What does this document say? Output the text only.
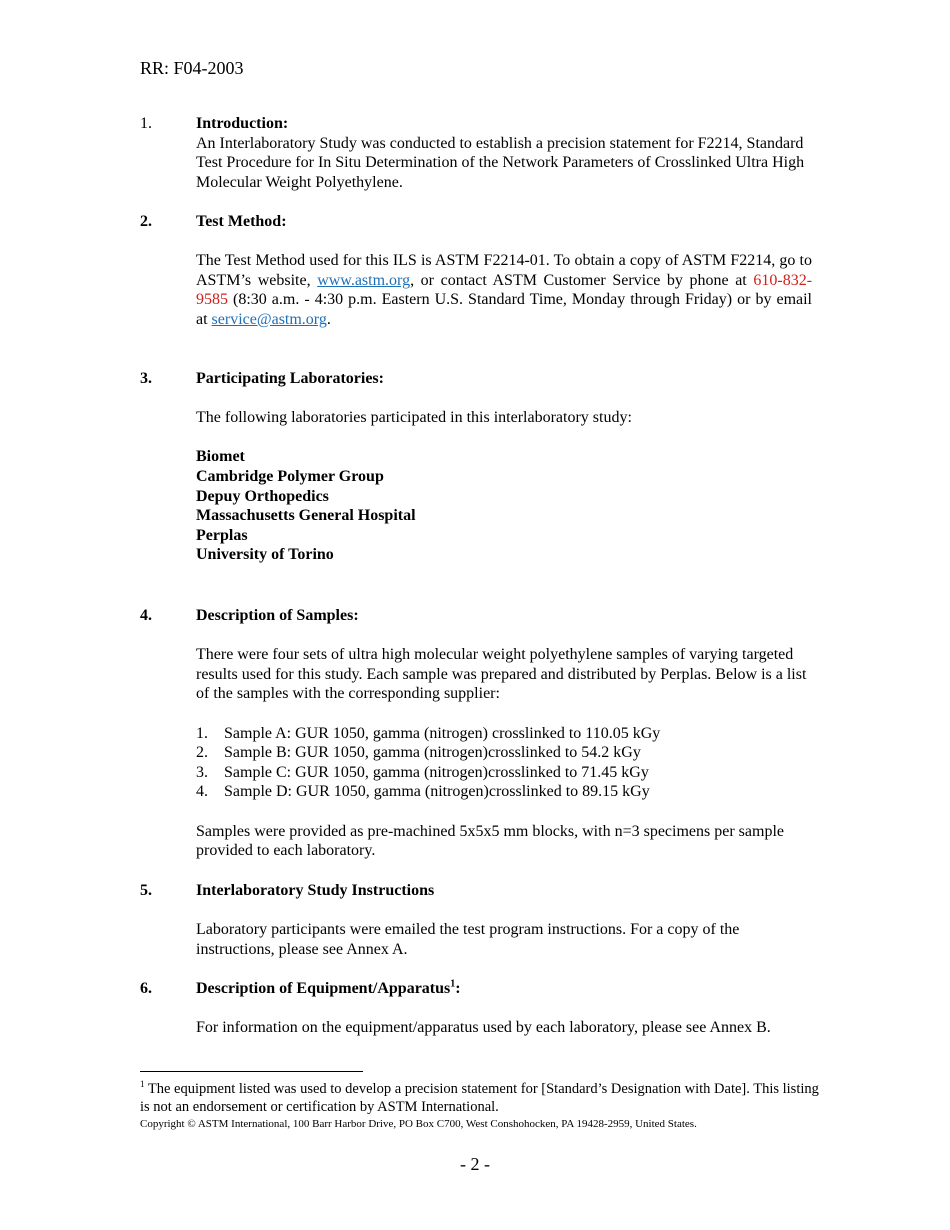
RR: F04-2003
1.	Introduction:
An Interlaboratory Study was conducted to establish a precision statement for F2214, Standard Test Procedure for In Situ Determination of the Network Parameters of Crosslinked Ultra High Molecular Weight Polyethylene.
2.	Test Method:
The Test Method used for this ILS is ASTM F2214-01. To obtain a copy of ASTM F2214, go to ASTM’s website, www.astm.org, or contact ASTM Customer Service by phone at 610-832-9585 (8:30 a.m. - 4:30 p.m. Eastern U.S. Standard Time, Monday through Friday) or by email at service@astm.org.
3.	Participating Laboratories:
The following laboratories participated in this interlaboratory study:
Biomet
Cambridge Polymer Group
Depuy Orthopedics
Massachusetts General Hospital
Perplas
University of Torino
4.	Description of Samples:
There were four sets of ultra high molecular weight polyethylene samples of varying targeted results used for this study. Each sample was prepared and distributed by Perplas. Below is a list of the samples with the corresponding supplier:
1. Sample A: GUR 1050, gamma (nitrogen) crosslinked to 110.05 kGy
2. Sample B: GUR 1050, gamma (nitrogen)crosslinked to 54.2 kGy
3. Sample C: GUR 1050, gamma (nitrogen)crosslinked to 71.45 kGy
4. Sample D: GUR 1050, gamma (nitrogen)crosslinked to 89.15 kGy
Samples were provided as pre-machined 5x5x5 mm blocks, with n=3 specimens per sample provided to each laboratory.
5.	Interlaboratory Study Instructions
Laboratory participants were emailed the test program instructions. For a copy of the instructions, please see Annex A.
6.	Description of Equipment/Apparatus$^1$:
For information on the equipment/apparatus used by each laboratory, please see Annex B.
$^1$ The equipment listed was used to develop a precision statement for [Standard’s Designation with Date]. This listing is not an endorsement or certification by ASTM International.
Copyright © ASTM International, 100 Barr Harbor Drive, PO Box C700, West Conshohocken, PA 19428-2959, United States.
- 2 -
